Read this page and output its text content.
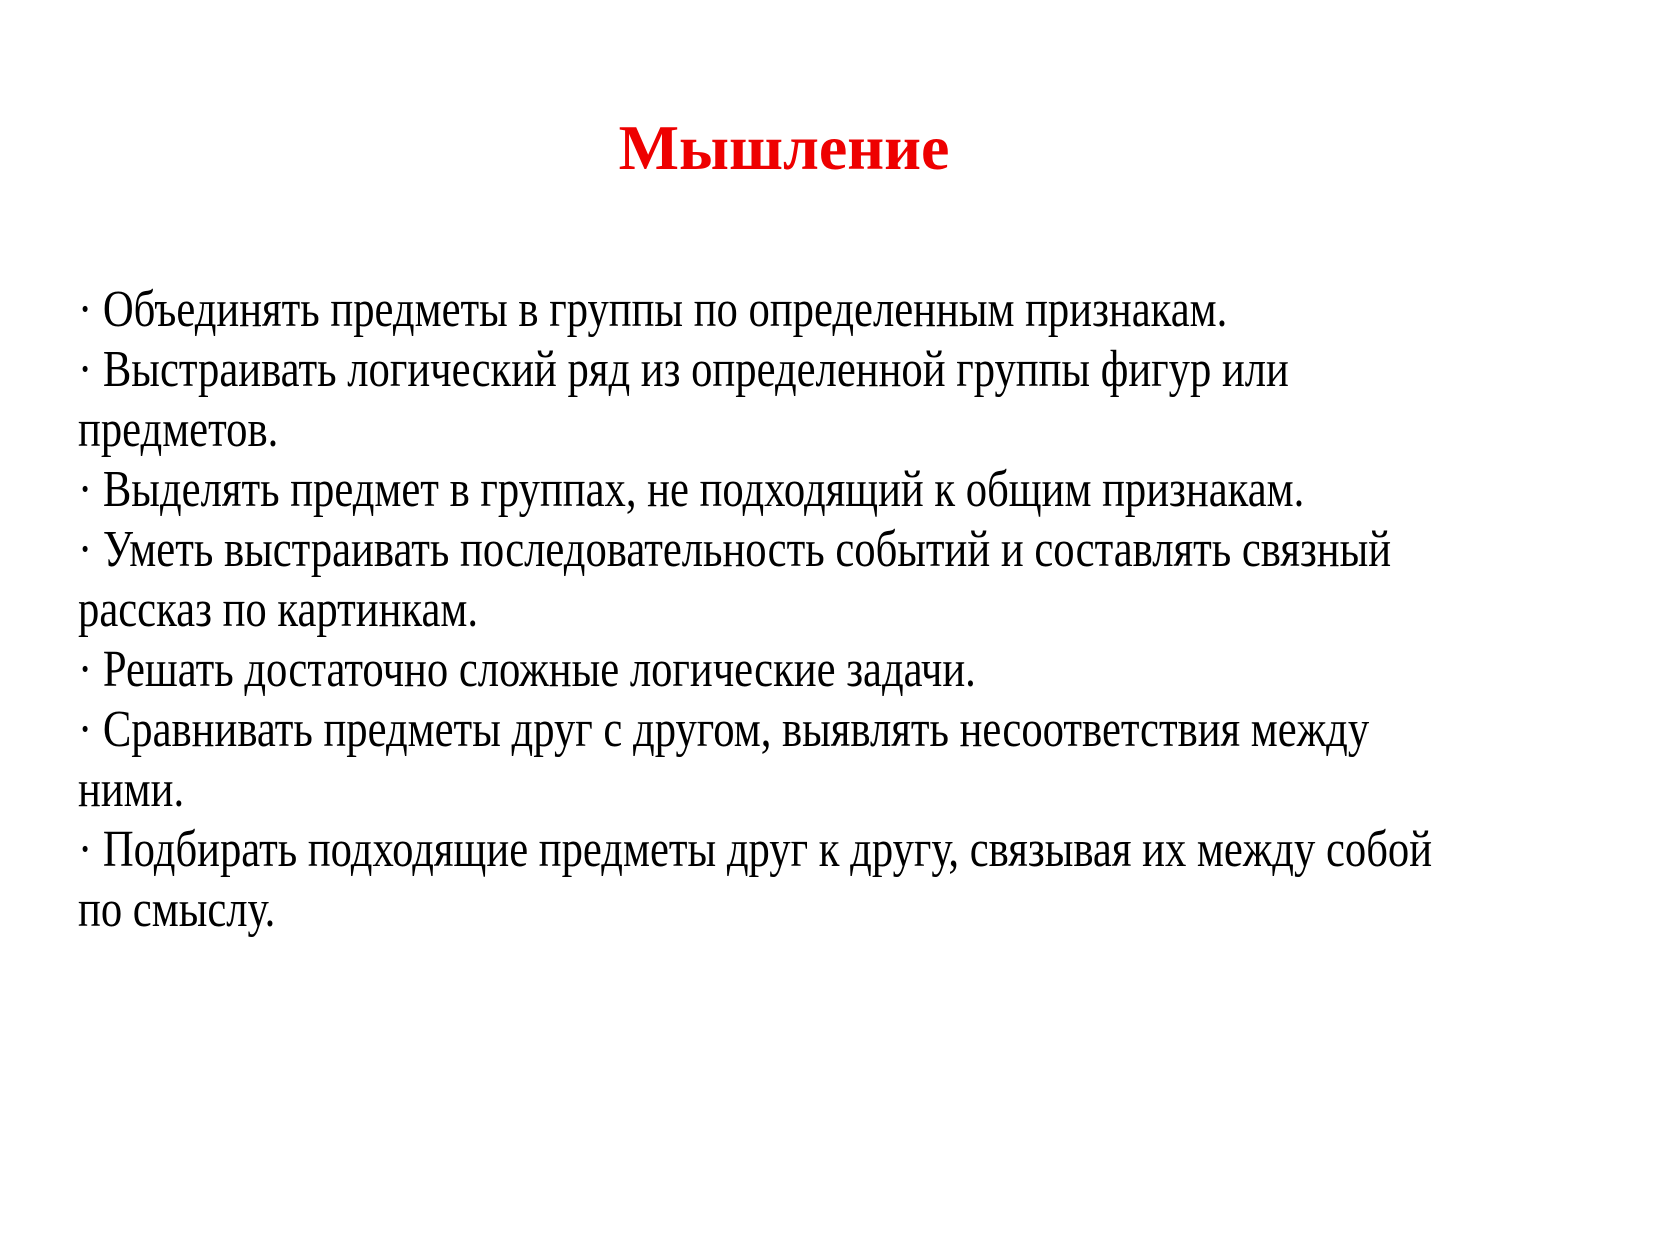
Мышление

· Объединять предметы в группы по определенным признакам.

· Выстраивать логический ряд из определенной группы фигур или предметов.

· Выделять предмет в группах, не подходящий к общим признакам.

· Уметь выстраивать последовательность событий и составлять связный рассказ по картинкам.

· Решать достаточно сложные логические задачи.

· Сравнивать предметы друг с другом, выявлять несоответствия между ними.

· Подбирать подходящие предметы друг к другу, связывая их между собой по смыслу.
